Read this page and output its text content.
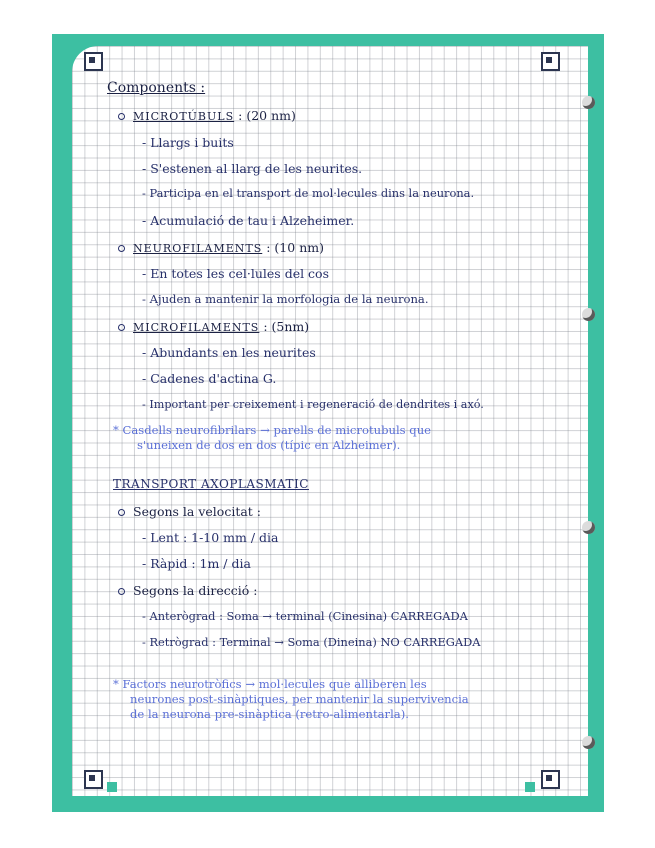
Components :
MICROTÚBULS : (20 nm)
- Llargs i buits
- S'estenen al llarg de les neurites.
- Participa en el transport de mol·lecules dins la neurona.
- Acumulació de tau i Alzeheimer.
NEUROFILAMENTS : (10 nm)
- En totes les cel·lules del cos
- Ajuden a mantenir la morfologia de la neurona.
MICROFILAMENTS : (5nm)
- Abundants en les neurites
- Cadenes d'actina G.
- Important per creixement i regeneració de dendrites i axó.
* Casdells neurofibrilars → parells de microtubuls que
s'uneixen de dos en dos (típic en Alzheimer).
TRANSPORT AXOPLASMATIC
Segons la velocitat :
- Lent : 1-10 mm / dia
- Ràpid : 1m / dia
Segons la direcció :
- Anterògrad : Soma → terminal (Cinesina) CARREGADA
- Retrògrad : Terminal → Soma (Dineina) NO CARREGADA
* Factors neurotròfics → mol·lecules que alliberen les
neurones post-sinàptiques, per mantenir la supervivencia
de la neurona pre-sinàptica (retro-alimentarla).
